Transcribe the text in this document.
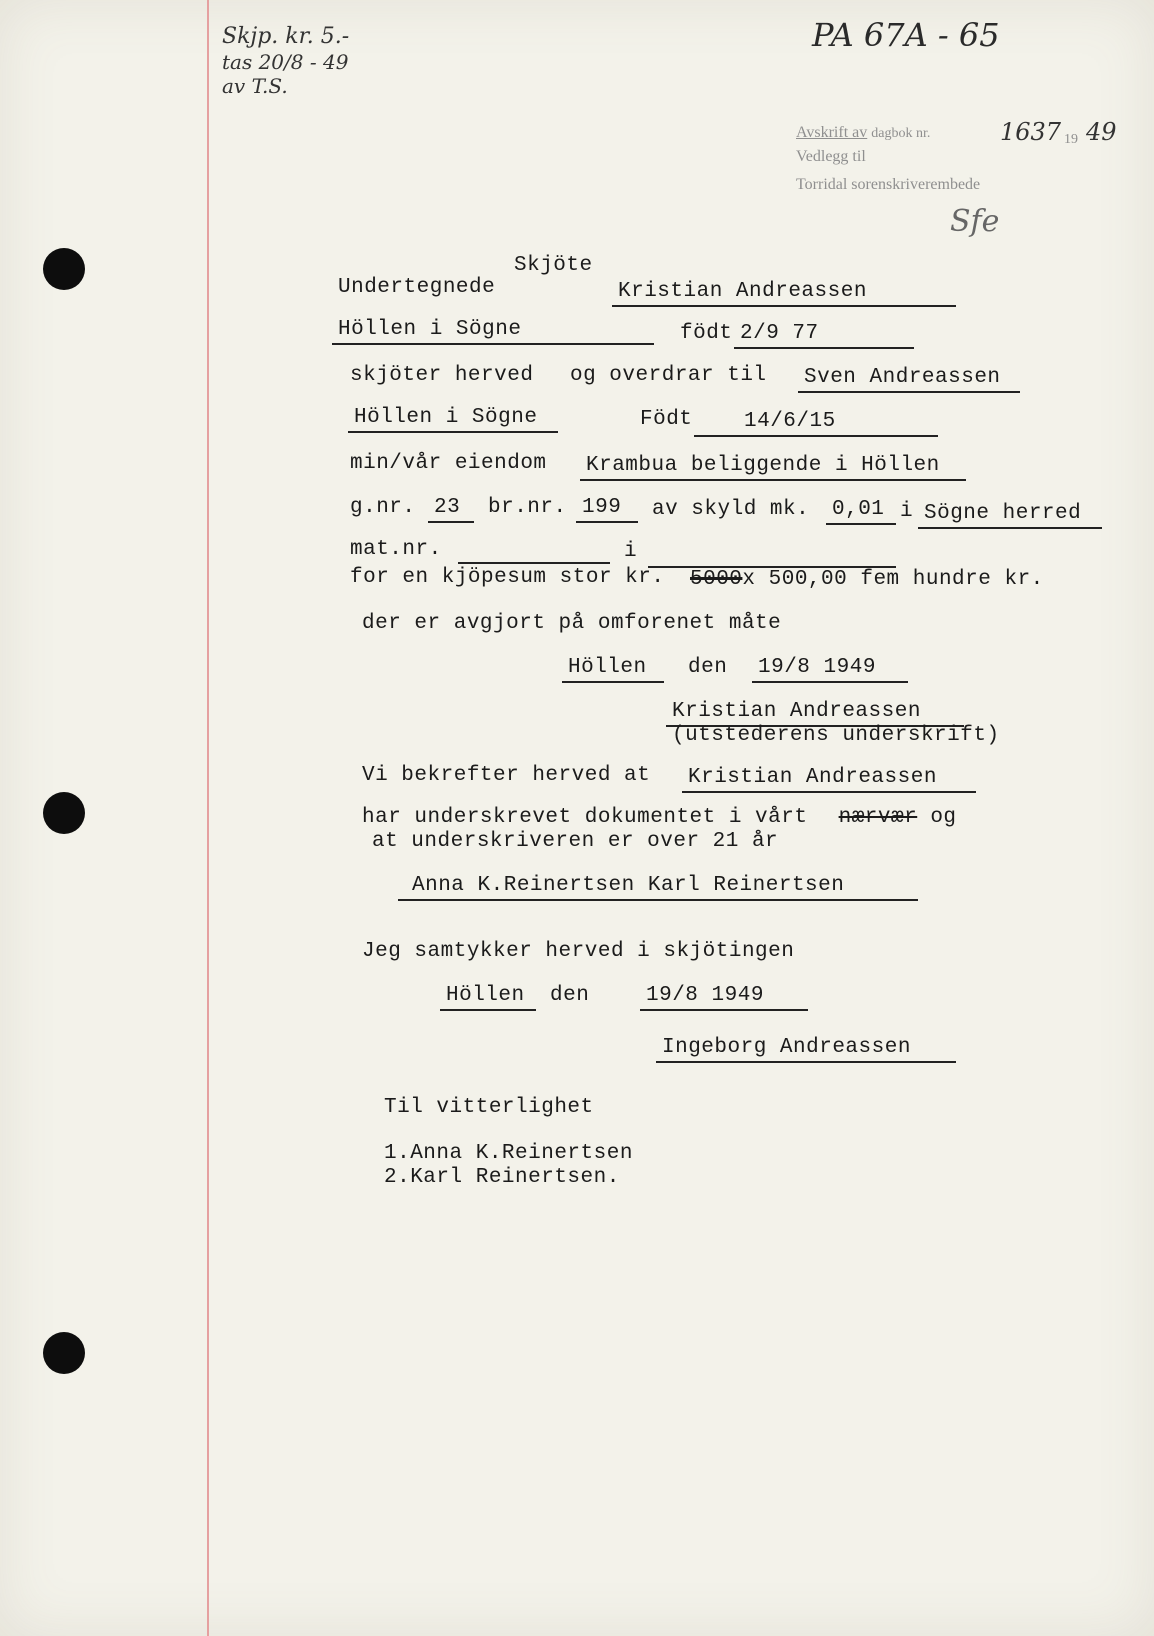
Skjp. kr. 5.-
tas 20/8 - 49
av T.S.
PA 67A - 65
Avskrift av dagbok nr.	1637 19 49
Vedlegg til
Torridal sorenskriverembede
Sfe
Skjöte
Undertegnede	Kristian Andreassen
Höllen i Sögne	födt 2/9 77
skjöter herved og overdrar til Sven Andreassen
Höllen i Sögne	Födt	14/6/15
min/vår eiendom Krambua beliggende i Höllen
g.nr. 23	br.nr. 199	av skyld mk. 0,01 i Sögne herred
mat.nr.	i
for en kjöpesum stor kr. 5000x 500,00 fem hundre kr.
der er avgjort på omforenet måte
Höllen	den 19/8 1949
Kristian Andreassen
(utstederens underskrift)
Vi bekrefter herved at Kristian Andreassen
har underskrevet dokumentet i vårt nærvær og
at underskriveren er over 21 år
Anna K.Reinertsen Karl Reinertsen
Jeg samtykker herved i skjötingen
Höllen	den	19/8 1949
Ingeborg Andreassen
Til vitterlighet
1.Anna K.Reinertsen
2.Karl Reinertsen.
